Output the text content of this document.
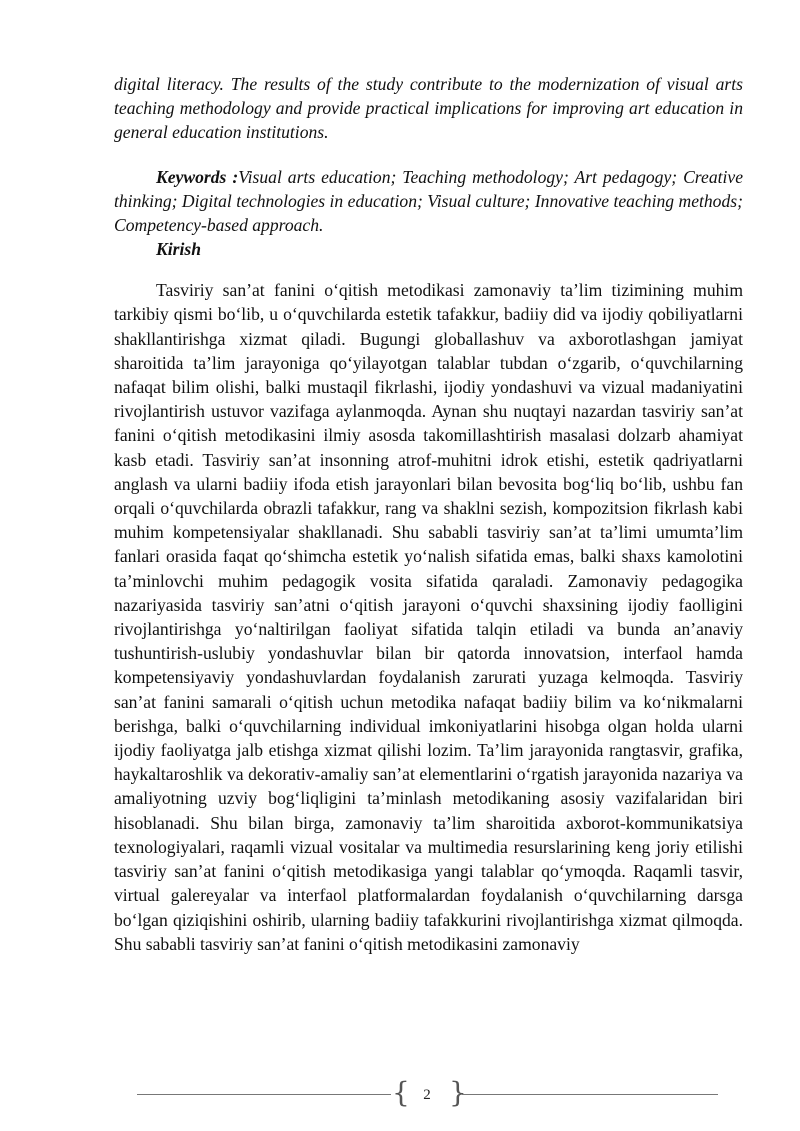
digital literacy. The results of the study contribute to the modernization of visual arts teaching methodology and provide practical implications for improving art education in general education institutions.

Keywords :Visual arts education; Teaching methodology; Art pedagogy; Creative thinking; Digital technologies in education; Visual culture; Innovative teaching methods; Competency-based approach.

Kirish

Tasviriy san’at fanini o‘qitish metodikasi zamonaviy ta’lim tizimining muhim tarkibiy qismi bo‘lib, u o‘quvchilarda estetik tafakkur, badiiy did va ijodiy qobiliyatlarni shakllantirishga xizmat qiladi. Bugungi globallashuv va axborotlashgan jamiyat sharoitida ta’lim jarayoniga qo‘yilayotgan talablar tubdan o‘zgarib, o‘quvchilarning nafaqat bilim olishi, balki mustaqil fikrlashi, ijodiy yondashuvi va vizual madaniyatini rivojlantirish ustuvor vazifaga aylanmoqda. Aynan shu nuqtayi nazardan tasviriy san’at fanini o‘qitish metodikasini ilmiy asosda takomillashtirish masalasi dolzarb ahamiyat kasb etadi. Tasviriy san’at insonning atrof-muhitni idrok etishi, estetik qadriyatlarni anglash va ularni badiiy ifoda etish jarayonlari bilan bevosita bog‘liq bo‘lib, ushbu fan orqali o‘quvchilarda obrazli tafakkur, rang va shaklni sezish, kompozitsion fikrlash kabi muhim kompetensiyalar shakllanadi. Shu sababli tasviriy san’at ta’limi umumta’lim fanlari orasida faqat qo‘shimcha estetik yo‘nalish sifatida emas, balki shaxs kamolotini ta’minlovchi muhim pedagogik vosita sifatida qaraladi. Zamonaviy pedagogika nazariyasida tasviriy san’atni o‘qitish jarayoni o‘quvchi shaxsining ijodiy faolligini rivojlantirishga yo‘naltirilgan faoliyat sifatida talqin etiladi va bunda an’anaviy tushuntirish-uslubiy yondashuvlar bilan bir qatorda innovatsion, interfaol hamda kompetensiyaviy yondashuvlardan foydalanish zarurati yuzaga kelmoqda. Tasviriy san’at fanini samarali o‘qitish uchun metodika nafaqat badiiy bilim va ko‘nikmalarni berishga, balki o‘quvchilarning individual imkoniyatlarini hisobga olgan holda ularni ijodiy faoliyatga jalb etishga xizmat qilishi lozim. Ta’lim jarayonida rangtasvir, grafika, haykaltaroshlik va dekorativ-amaliy san’at elementlarini o‘rgatish jarayonida nazariya va amaliyotning uzviy bog‘liqligini ta’minlash metodikaning asosiy vazifalaridan biri hisoblanadi. Shu bilan birga, zamonaviy ta’lim sharoitida axborot-kommunikatsiya texnologiyalari, raqamli vizual vositalar va multimedia resurslarining keng joriy etilishi tasviriy san’at fanini o‘qitish metodikasiga yangi talablar qo‘ymoqda. Raqamli tasvir, virtual galereyalar va interfaol platformalardan foydalanish o‘quvchilarning darsga bo‘lgan qiziqishini oshirib, ularning badiiy tafakkurini rivojlantirishga xizmat qilmoqda. Shu sababli tasviriy san’at fanini o‘qitish metodikasini zamonaviy

{ 2 }
